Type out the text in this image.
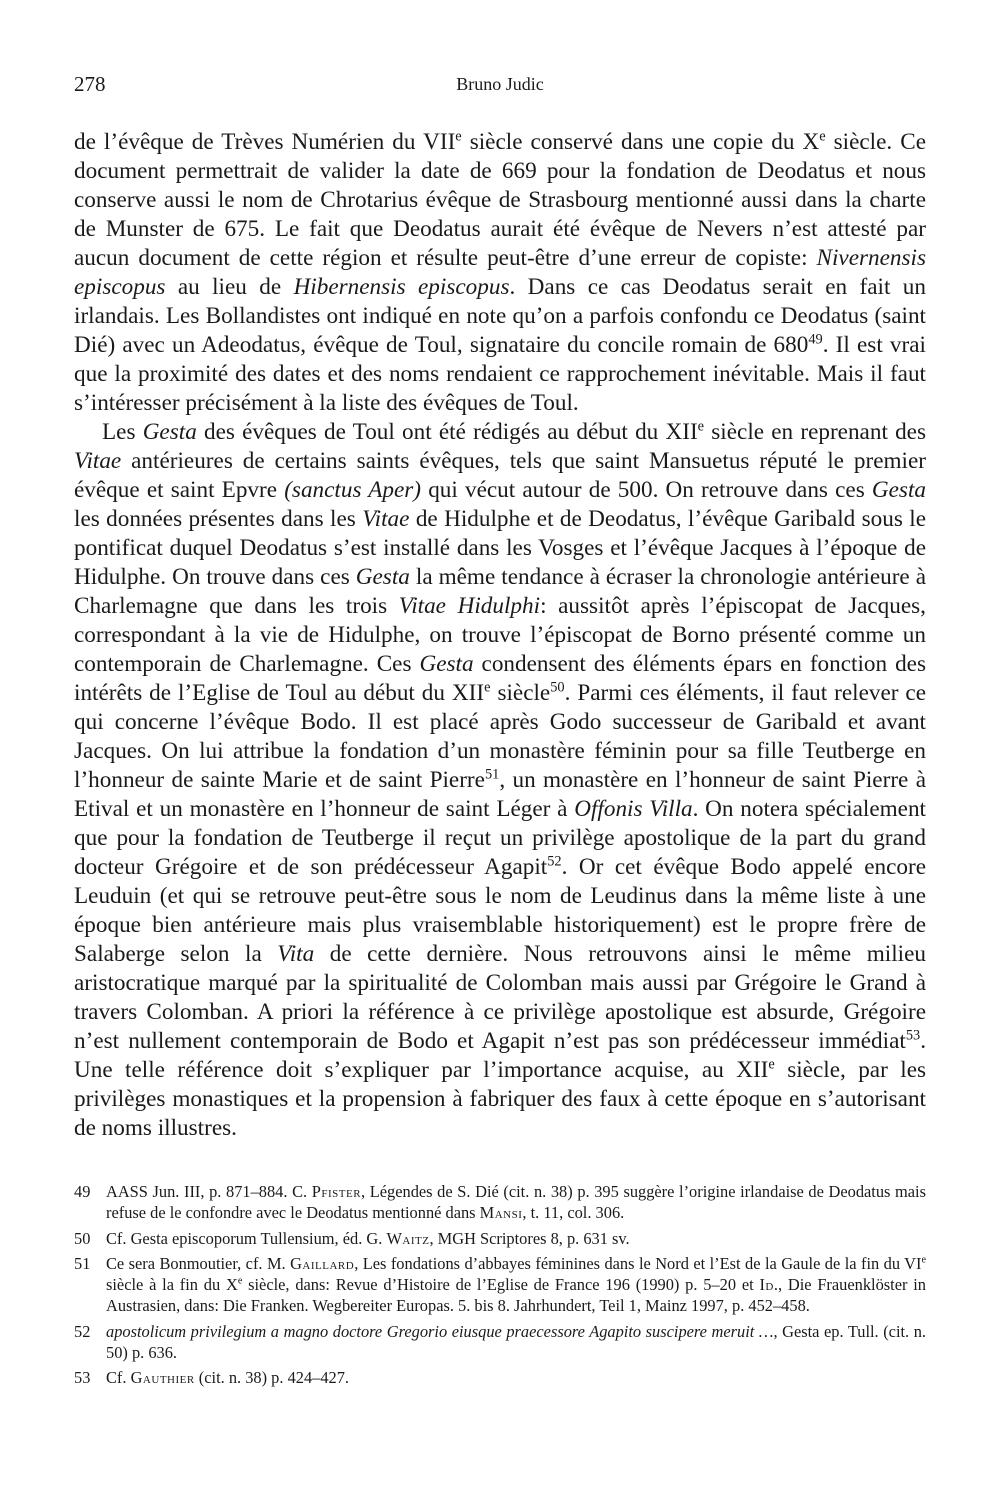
278	Bruno Judic

de l’évêque de Trèves Numérien du VIIe siècle conservé dans une copie du Xe siècle. Ce document permettrait de valider la date de 669 pour la fondation de Deodatus et nous conserve aussi le nom de Chrotarius évêque de Strasbourg mentionné aussi dans la charte de Munster de 675. Le fait que Deodatus aurait été évêque de Nevers n’est attesté par aucun document de cette région et résulte peut-être d’une erreur de copiste: Nivernensis episcopus au lieu de Hibernensis episcopus. Dans ce cas Deodatus serait en fait un irlandais. Les Bollandistes ont indiqué en note qu’on a parfois confondu ce Deodatus (saint Dié) avec un Adeodatus, évêque de Toul, signataire du concile romain de $680^{49}$. Il est vrai que la proximité des dates et des noms rendaient ce rapprochement inévitable. Mais il faut s’intéresser précisément à la liste des évêques de Toul.

Les Gesta des évêques de Toul ont été rédigés au début du XIIe siècle en reprenant des Vitae antérieures de certains saints évêques, tels que saint Mansuetus réputé le premier évêque et saint Epvre (sanctus Aper) qui vécut autour de 500. On retrouve dans ces Gesta les données présentes dans les Vitae de Hidulphe et de Deodatus, l’évêque Garibald sous le pontificat duquel Deodatus s’est installé dans les Vosges et l’évêque Jacques à l’époque de Hidulphe. On trouve dans ces Gesta la même tendance à écraser la chronologie antérieure à Charlemagne que dans les trois Vitae Hidulphi: aussitôt après l’épiscopat de Jacques, correspondant à la vie de Hidulphe, on trouve l’épiscopat de Borno présenté comme un contemporain de Charlemagne. Ces Gesta condensent des éléments épars en fonction des intérêts de l’Eglise de Toul au début du XIIe siècle$^{50}$. Parmi ces éléments, il faut relever ce qui concerne l’évêque Bodo. Il est placé après Godo successeur de Garibald et avant Jacques. On lui attribue la fondation d’un monastère féminin pour sa fille Teutberge en l’honneur de sainte Marie et de saint Pierre$^{51}$, un monastère en l’honneur de saint Pierre à Etival et un monastère en l’honneur de saint Léger à Offonis Villa. On notera spécialement que pour la fondation de Teutberge il reçut un privilège apostolique de la part du grand docteur Grégoire et de son prédécesseur Agapit$^{52}$. Or cet évêque Bodo appelé encore Leuduin (et qui se retrouve peut-être sous le nom de Leudinus dans la même liste à une époque bien antérieure mais plus vraisemblable historiquement) est le propre frère de Salaberge selon la Vita de cette dernière. Nous retrouvons ainsi le même milieu aristocratique marqué par la spiritualité de Colomban mais aussi par Grégoire le Grand à travers Colomban. A priori la référence à ce privilège apostolique est absurde, Grégoire n’est nullement contemporain de Bodo et Agapit n’est pas son prédécesseur immédiat$^{53}$. Une telle référence doit s’expliquer par l’importance acquise, au XIIe siècle, par les privilèges monastiques et la propension à fabriquer des faux à cette époque en s’autorisant de noms illustres.

49 AASS Jun. III, p. 871–884. C. Pfister, Légendes de S. Dié (cit. n. 38) p. 395 suggère l’origine irlandaise de Deodatus mais refuse de le confondre avec le Deodatus mentionné dans Mansi, t. 11, col. 306.
50 Cf. Gesta episcoporum Tullensium, éd. G. Waitz, MGH Scriptores 8, p. 631 sv.
51 Ce sera Bonmoutier, cf. M. Gaillard, Les fondations d’abbayes féminines dans le Nord et l’Est de la Gaule de la fin du VIe siècle à la fin du Xe siècle, dans: Revue d’Histoire de l’Eglise de France 196 (1990) p. 5–20 et Id., Die Frauenklöster in Austrasien, dans: Die Franken. Wegbereiter Europas. 5. bis 8. Jahrhundert, Teil 1, Mainz 1997, p. 452–458.
52 apostolicum privilegium a magno doctore Gregorio eiusque praecessore Agapito suscipere meruit …, Gesta ep. Tull. (cit. n. 50) p. 636.
53 Cf. Gauthier (cit. n. 38) p. 424–427.
